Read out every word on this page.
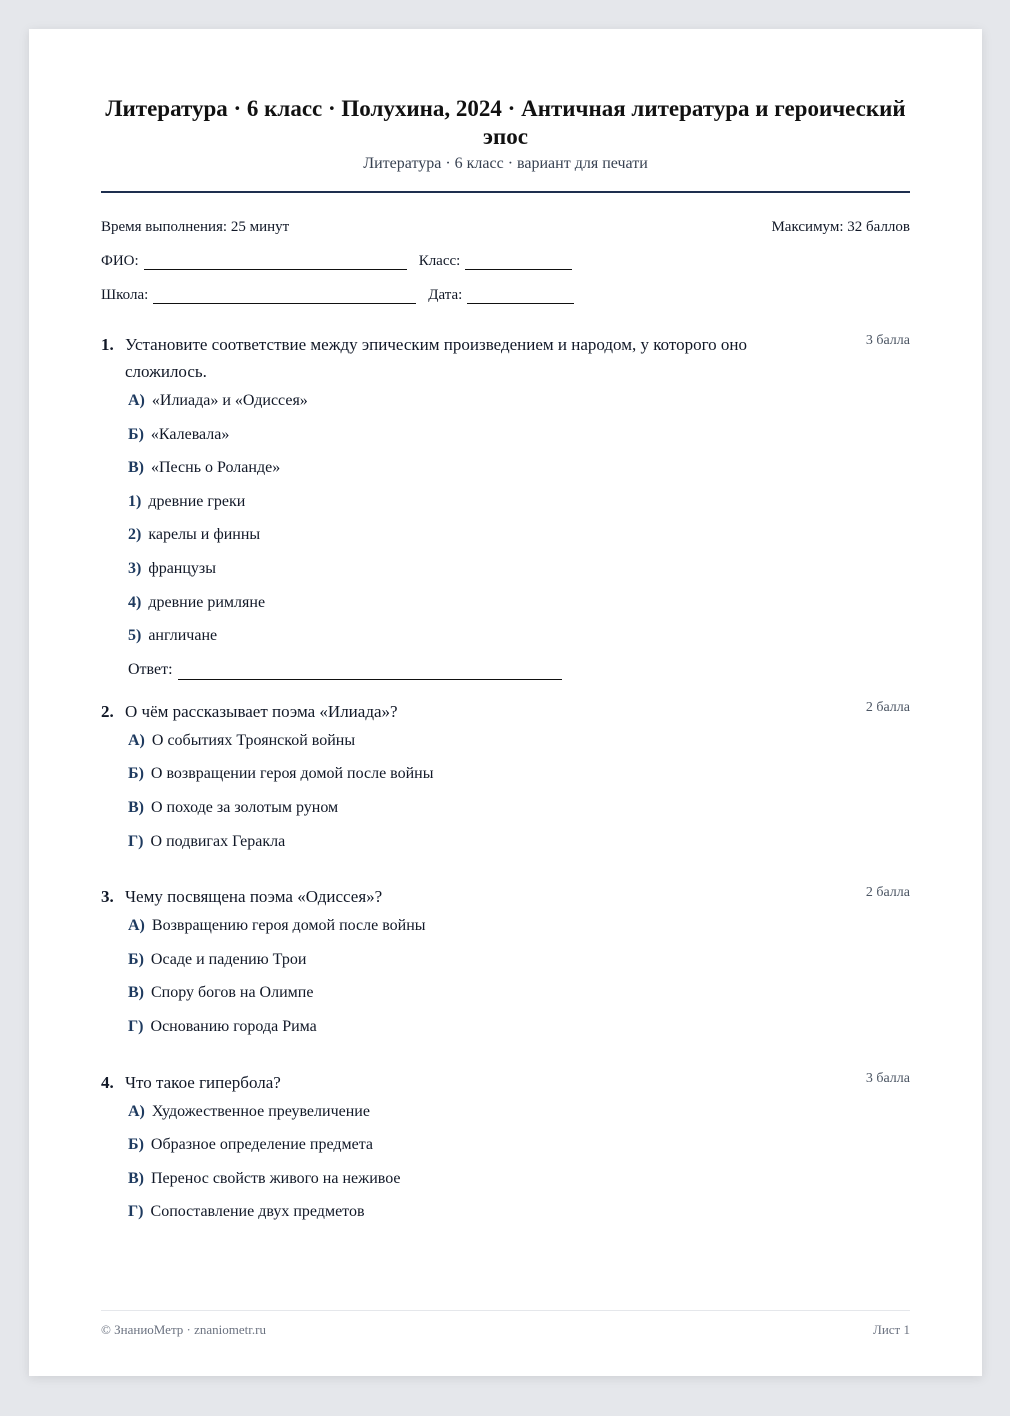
Литература · 6 класс · Полухина, 2024 · Античная литература и героический эпос
Литература · 6 класс · вариант для печати
Время выполнения: 25 минут	Максимум: 32 баллов
ФИО:	Класс:
Школа:	Дата:
1. Установите соответствие между эпическим произведением и народом, у которого оно сложилось.
3 балла
А) «Илиада» и «Одиссея»
Б) «Калевала»
В) «Песнь о Роланде»
1) древние греки
2) карелы и финны
3) французы
4) древние римляне
5) англичане
Ответ:
2. О чём рассказывает поэма «Илиада»?	2 балла
А) О событиях Троянской войны
Б) О возвращении героя домой после войны
В) О походе за золотым руном
Г) О подвигах Геракла
3. Чему посвящена поэма «Одиссея»?	2 балла
А) Возвращению героя домой после войны
Б) Осаде и падению Трои
В) Спору богов на Олимпе
Г) Основанию города Рима
4. Что такое гипербола?	3 балла
А) Художественное преувеличение
Б) Образное определение предмета
В) Перенос свойств живого на неживое
Г) Сопоставление двух предметов
© ЗнаниоМетр · znaniometr.ru	Лист 1
